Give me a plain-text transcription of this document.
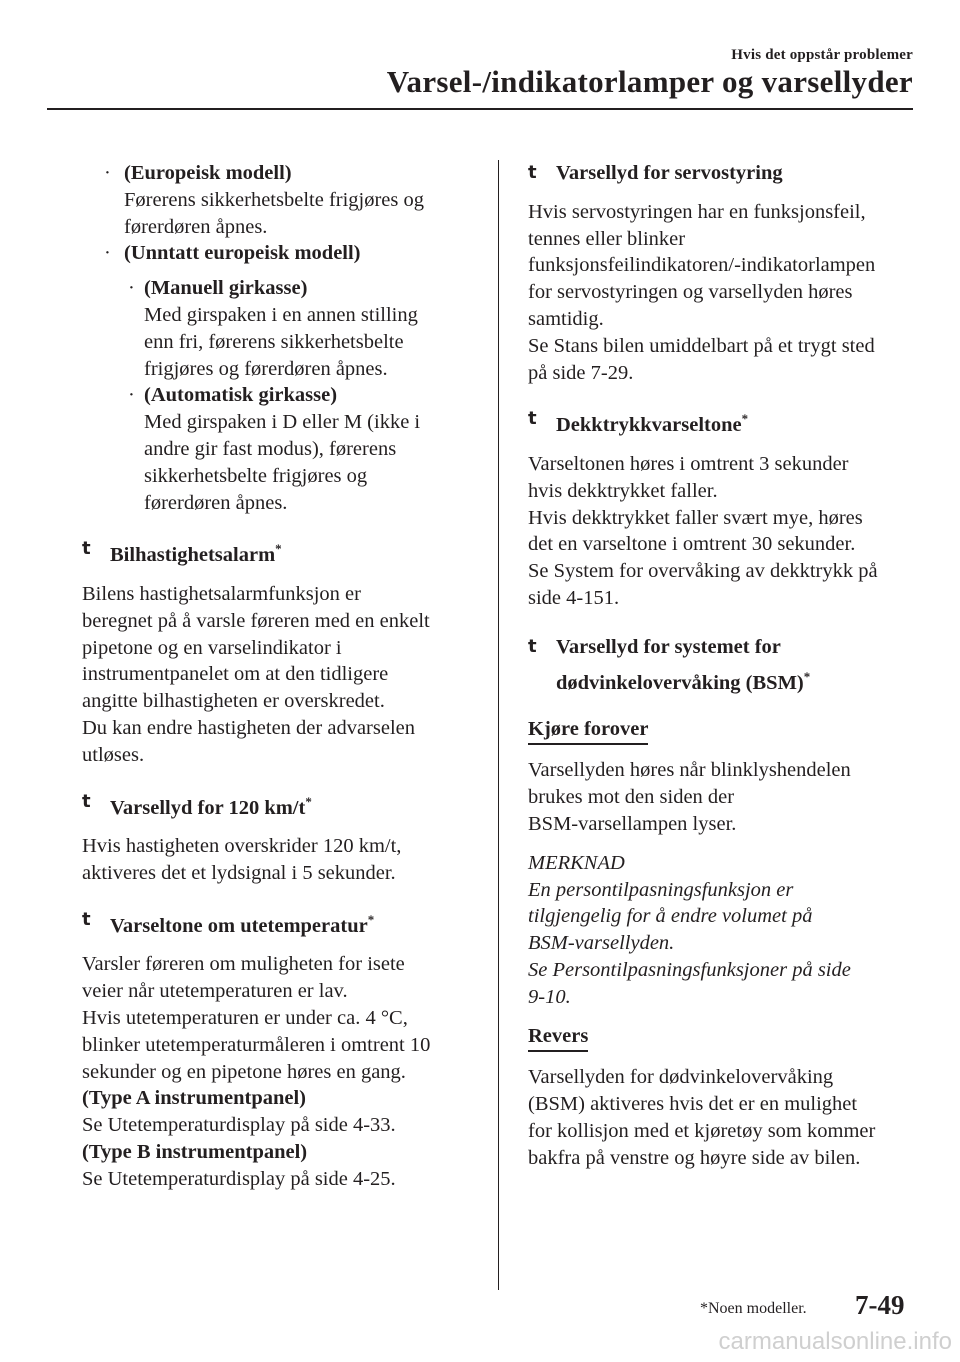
Hvis det oppstår problemer
Varsel-/indikatorlamper og varsellyder
· (Europeisk modell)
Førerens sikkerhetsbelte frigjøres og
førerdøren åpnes.
· (Unntatt europeisk modell)
· (Manuell girkasse)
Med girspaken i en annen stilling
enn fri, førerens sikkerhetsbelte
frigjøres og førerdøren åpnes.
· (Automatisk girkasse)
Med girspaken i D eller M (ikke i
andre gir fast modus), førerens
sikkerhetsbelte frigjøres og
førerdøren åpnes.
t Bilhastighetsalarm*
Bilens hastighetsalarmfunksjon er
beregnet på å varsle føreren med en enkelt
pipetone og en varselindikator i
instrumentpanelet om at den tidligere
angitte bilhastigheten er overskredet.
Du kan endre hastigheten der advarselen
utløses.
t Varsellyd for 120 km/t*
Hvis hastigheten overskrider 120 km/t,
aktiveres det et lydsignal i 5 sekunder.
t Varseltone om utetemperatur*
Varsler føreren om muligheten for isete
veier når utetemperaturen er lav.
Hvis utetemperaturen er under ca. 4 °C,
blinker utetemperaturmåleren i omtrent 10
sekunder og en pipetone høres en gang.
(Type A instrumentpanel)
Se Utetemperaturdisplay på side 4-33.
(Type B instrumentpanel)
Se Utetemperaturdisplay på side 4-25.
t Varsellyd for servostyring
Hvis servostyringen har en funksjonsfeil,
tennes eller blinker
funksjonsfeilindikatoren/-indikatorlampen
for servostyringen og varsellyden høres
samtidig.
Se Stans bilen umiddelbart på et trygt sted
på side 7-29.
t Dekktrykkvarseltone*
Varseltonen høres i omtrent 3 sekunder
hvis dekktrykket faller.
Hvis dekktrykket faller svært mye, høres
det en varseltone i omtrent 30 sekunder.
Se System for overvåking av dekktrykk på
side 4-151.
t Varsellyd for systemet for
dødvinkelovervåking (BSM)*
Kjøre forover
Varsellyden høres når blinklyshendelen
brukes mot den siden der
BSM-varsellampen lyser.
MERKNAD
En persontilpasningsfunksjon er
tilgjengelig for å endre volumet på
BSM-varsellyden.
Se Persontilpasningsfunksjoner på side
9-10.
Revers
Varsellyden for dødvinkelovervåking
(BSM) aktiveres hvis det er en mulighet
for kollisjon med et kjøretøy som kommer
bakfra på venstre og høyre side av bilen.
*Noen modeller. 7-49
carmanualsonline.info
